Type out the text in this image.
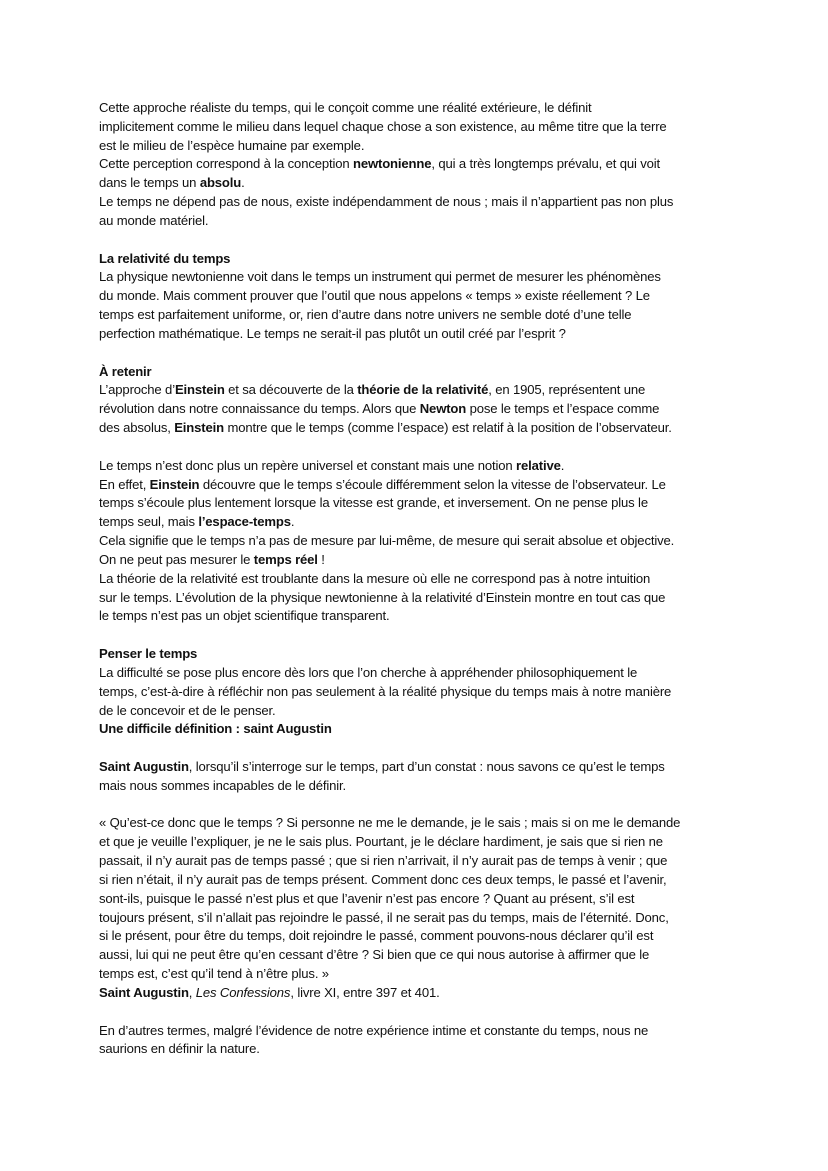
Cette approche réaliste du temps, qui le conçoit comme une réalité extérieure, le définit
implicitement comme le milieu dans lequel chaque chose a son existence, au même titre que la terre
est le milieu de l’espèce humaine par exemple.
Cette perception correspond à la conception newtonienne, qui a très longtemps prévalu, et qui voit
dans le temps un absolu.
Le temps ne dépend pas de nous, existe indépendamment de nous ; mais il n’appartient pas non plus
au monde matériel.
La relativité du temps
La physique newtonienne voit dans le temps un instrument qui permet de mesurer les phénomènes
du monde. Mais comment prouver que l’outil que nous appelons « temps » existe réellement ? Le
temps est parfaitement uniforme, or, rien d’autre dans notre univers ne semble doté d’une telle
perfection mathématique. Le temps ne serait-il pas plutôt un outil créé par l’esprit ?
À retenir
L’approche d’Einstein et sa découverte de la théorie de la relativité, en 1905, représentent une
révolution dans notre connaissance du temps. Alors que Newton pose le temps et l’espace comme
des absolus, Einstein montre que le temps (comme l’espace) est relatif à la position de l’observateur.
Le temps n’est donc plus un repère universel et constant mais une notion relative.
En effet, Einstein découvre que le temps s’écoule différemment selon la vitesse de l’observateur. Le
temps s’écoule plus lentement lorsque la vitesse est grande, et inversement. On ne pense plus le
temps seul, mais l’espace-temps.
Cela signifie que le temps n’a pas de mesure par lui-même, de mesure qui serait absolue et objective.
On ne peut pas mesurer le temps réel !
La théorie de la relativité est troublante dans la mesure où elle ne correspond pas à notre intuition
sur le temps. L’évolution de la physique newtonienne à la relativité d’Einstein montre en tout cas que
le temps n’est pas un objet scientifique transparent.
Penser le temps
La difficulté se pose plus encore dès lors que l’on cherche à appréhender philosophiquement le
temps, c’est-à-dire à réfléchir non pas seulement à la réalité physique du temps mais à notre manière
de le concevoir et de le penser.
Une difficile définition : saint Augustin
Saint Augustin, lorsqu’il s’interroge sur le temps, part d’un constat : nous savons ce qu’est le temps
mais nous sommes incapables de le définir.
« Qu’est-ce donc que le temps ? Si personne ne me le demande, je le sais ; mais si on me le demande
et que je veuille l’expliquer, je ne le sais plus. Pourtant, je le déclare hardiment, je sais que si rien ne
passait, il n’y aurait pas de temps passé ; que si rien n’arrivait, il n’y aurait pas de temps à venir ; que
si rien n’était, il n’y aurait pas de temps présent. Comment donc ces deux temps, le passé et l’avenir,
sont-ils, puisque le passé n’est plus et que l’avenir n’est pas encore ? Quant au présent, s’il est
toujours présent, s’il n’allait pas rejoindre le passé, il ne serait pas du temps, mais de l’éternité. Donc,
si le présent, pour être du temps, doit rejoindre le passé, comment pouvons-nous déclarer qu’il est
aussi, lui qui ne peut être qu’en cessant d’être ? Si bien que ce qui nous autorise à affirmer que le
temps est, c’est qu’il tend à n’être plus. »
Saint Augustin, Les Confessions, livre XI, entre 397 et 401.
En d’autres termes, malgré l’évidence de notre expérience intime et constante du temps, nous ne
saurions en définir la nature.
